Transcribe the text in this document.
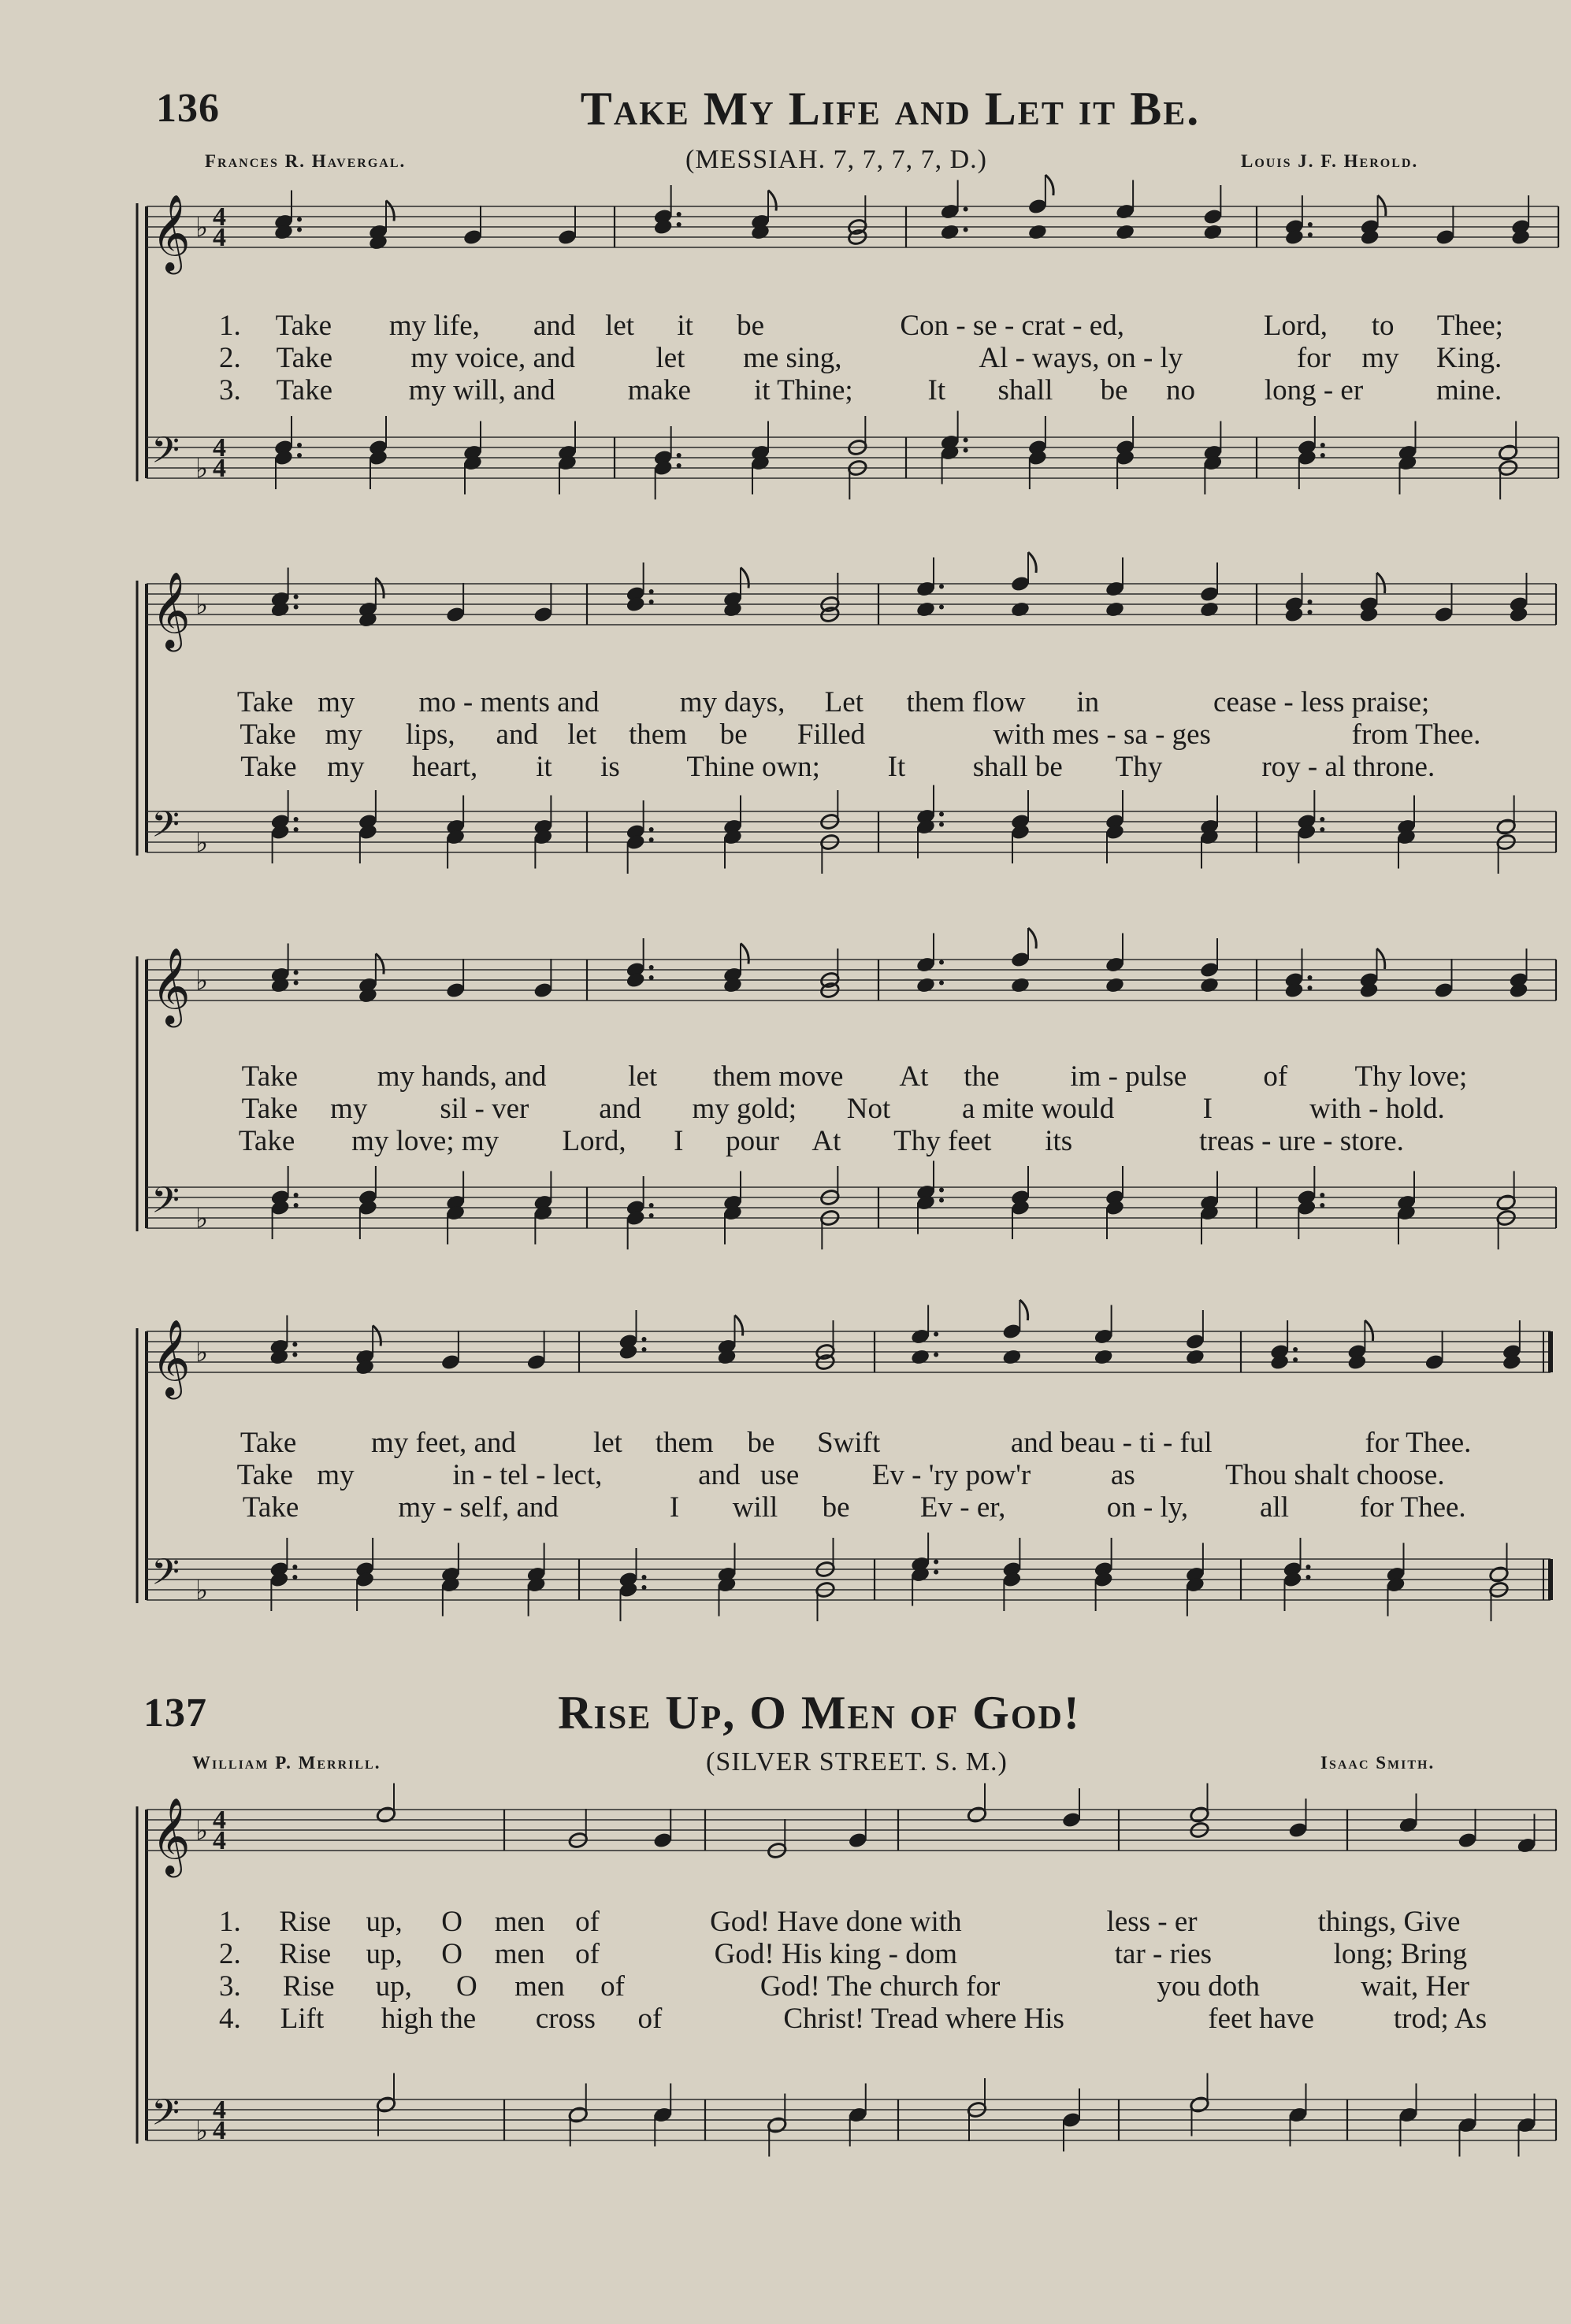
136	Take My Life and Let it Be.
Frances R. Havergal.	(MESSIAH. 7, 7, 7, 7, D.)	Louis J. F. Herold.
𝄞 ♭ 4
4
𝄢 ♭
4
4
𝄞 ♭
𝄢 ♭
𝄞 ♭
𝄢 ♭
𝄞 ♭
𝄢 ♭
1. Take my life, and let it be	Con - se - crat - ed,	Lord, to Thee;
2. Take	my voice, and	let me sing,	Al - ways, on - ly	for my King.
3. Take	my will, and make it Thine;	It shall be no long - er	mine.
Take my mo - ments and	my days, Let them flow in	cease - less praise;
Take my lips, and let them be Filled	with mes - sa - ges	from Thee.
Take my heart, it is Thine own; It shall be Thy	roy - al throne.
Take	my hands, and	let them move At the im - pulse	of Thy love;
Take my sil - ver and my gold; Not a mite would	I	with - hold.
Take my love; my Lord, I pour At Thy feet its	treas - ure - store.
Take	my feet, and	let them be Swift	and beau - ti - ful	for Thee.
Take my	in - tel - lect,	and use Ev - 'ry pow'r	as	Thou shalt choose.
Take	my - self, and	I will be Ev - er,	on - ly, all for Thee.
137	Rise Up, O Men of God!
William P. Merrill.	(SILVER STREET. S. M.)	Isaac Smith.
𝄞 ♭ 4
4
𝄢 ♭
4
4
1. Rise up, O men of	God! Have done with	less - er	things, Give
2. Rise up, O men of	God! His king - dom	tar - ries	long; Bring
3. Rise up, O men of	God! The church for	you doth	wait, Her
4. Lift high the cross of	Christ! Tread where His	feet have	trod; As
